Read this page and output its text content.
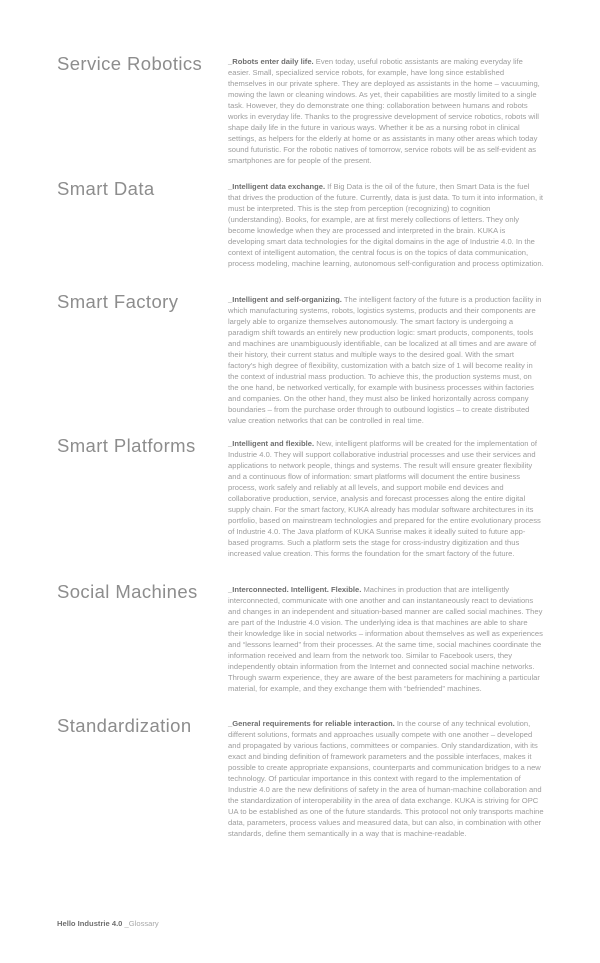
Service Robotics	_Robots enter daily life. Even today, useful robotic assistants are making everyday life easier. Small, specialized service robots, for example, have long since established themselves in our private sphere. They are deployed as assistants in the home – vacuuming, mowing the lawn or cleaning windows. As yet, their capabilities are mostly limited to a single task. However, they do demonstrate one thing: collaboration between humans and robots works in everyday life. Thanks to the progressive development of service robotics, robots will shape daily life in the future in various ways. Whether it be as a nursing robot in clinical settings, as helpers for the elderly at home or as assistants in many other areas which today sound futuristic. For the robotic natives of tomorrow, service robots will be as self-evident as smartphones are for people of the present.
Smart Data	_Intelligent data exchange. If Big Data is the oil of the future, then Smart Data is the fuel that drives the production of the future. Currently, data is just data. To turn it into information, it must be interpreted. This is the step from perception (recognizing) to cognition (understanding). Books, for example, are at first merely collections of letters. They only become knowledge when they are processed and interpreted in the brain. KUKA is developing smart data technologies for the digital domains in the age of Industrie 4.0. In the context of intelligent automation, the central focus is on the topics of data communication, process modeling, machine learning, autonomous self-configuration and process optimization.
Smart Factory	_Intelligent and self-organizing. The intelligent factory of the future is a production facility in which manufacturing systems, robots, logistics systems, products and their components are largely able to organize themselves autonomously. The smart factory is undergoing a paradigm shift towards an entirely new production logic: smart products, components, tools and machines are unambiguously identifiable, can be localized at all times and are aware of their history, their current status and multiple ways to the desired goal. With the smart factory's high degree of flexibility, customization with a batch size of 1 will become reality in the context of industrial mass production. To achieve this, the production systems must, on the one hand, be networked vertically, for example with business processes within factories and companies. On the other hand, they must also be linked horizontally across company boundaries – from the purchase order through to outbound logistics – to create distributed value creation networks that can be controlled in real time.
Smart Platforms	_Intelligent and flexible. New, intelligent platforms will be created for the implementation of Industrie 4.0. They will support collaborative industrial processes and use their services and applications to network people, things and systems. The result will ensure greater flexibility and a continuous flow of information: smart platforms will document the entire business process, work safely and reliably at all levels, and support mobile end devices and collaborative production, service, analysis and forecast processes along the entire digital supply chain. For the smart factory, KUKA already has modular software architectures in its portfolio, based on mainstream technologies and prepared for the entire evolutionary process of Industrie 4.0. The Java platform of KUKA Sunrise makes it ideally suited to future app-based programs. Such a platform sets the stage for cross-industry digitization and thus increased value creation. This forms the foundation for the smart factory of the future.
Social Machines	_Interconnected. Intelligent. Flexible. Machines in production that are intelligently interconnected, communicate with one another and can instantaneously react to deviations and changes in an independent and situation-based manner are called social machines. They are part of the Industrie 4.0 vision. The underlying idea is that machines are able to share their knowledge like in social networks – information about themselves as well as experiences and “lessons learned” from their processes. At the same time, social machines coordinate the information received and learn from the network too. Similar to Facebook users, they independently obtain information from the Internet and connected social machine networks. Through swarm experience, they are aware of the best parameters for machining a particular material, for example, and they exchange them with “befriended” machines.
Standardization	_General requirements for reliable interaction. In the course of any technical evolution, different solutions, formats and approaches usually compete with one another – developed and propagated by various factions, committees or companies. Only standardization, with its exact and binding definition of framework parameters and the possible interfaces, makes it possible to create appropriate expansions, counterparts and communication bridges to a new technology. Of particular importance in this context with regard to the implementation of Industrie 4.0 are the new definitions of safety in the area of human-machine collaboration and the standardization of interoperability in the area of data exchange. KUKA is striving for OPC UA to be established as one of the future standards. This protocol not only transports machine data, parameters, process values and measured data, but can also, in combination with other standards, define them semantically in a way that is machine-readable.
Hello Industrie 4.0 _Glossary
